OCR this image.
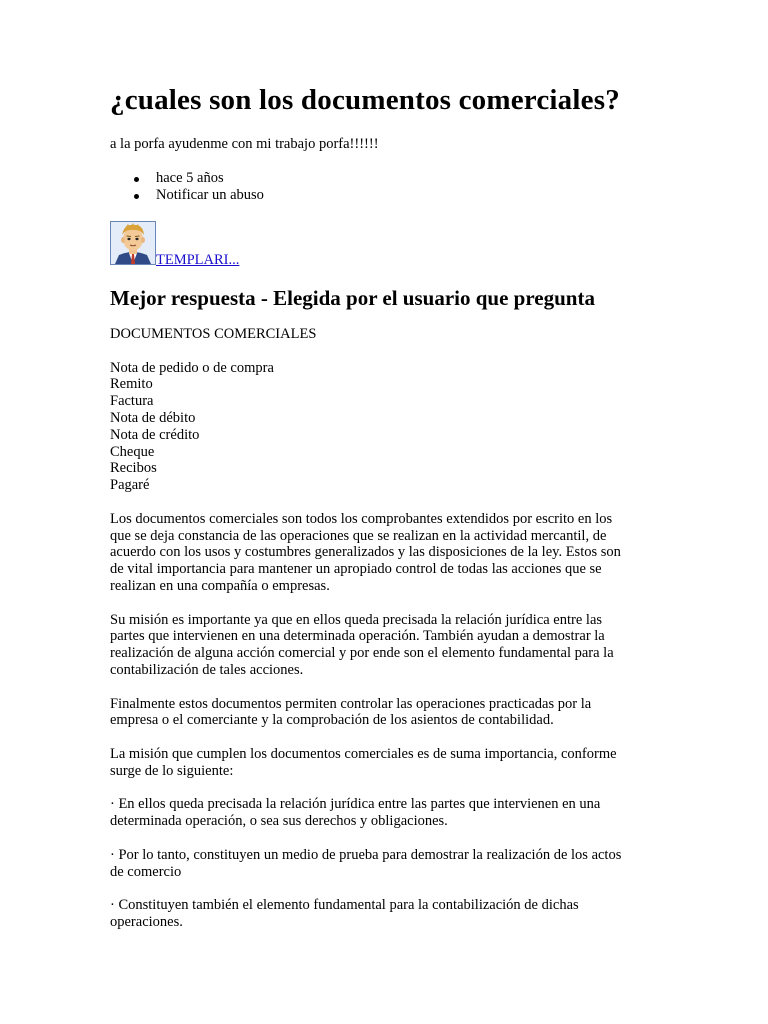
¿cuales son los documentos comerciales?

a la porfa ayudenme con mi trabajo porfa!!!!!!

hace 5 años
Notificar un abuso
TEMPLARI...
Mejor respuesta - Elegida por el usuario que pregunta

DOCUMENTOS COMERCIALES

Nota de pedido o de compra
Remito
Factura
Nota de débito
Nota de crédito
Cheque
Recibos
Pagaré

Los documentos comerciales son todos los comprobantes extendidos por escrito en los
que se deja constancia de las operaciones que se realizan en la actividad mercantil, de
acuerdo con los usos y costumbres generalizados y las disposiciones de la ley. Estos son
de vital importancia para mantener un apropiado control de todas las acciones que se
realizan en una compañía o empresas.

Su misión es importante ya que en ellos queda precisada la relación jurídica entre las
partes que intervienen en una determinada operación. También ayudan a demostrar la
realización de alguna acción comercial y por ende son el elemento fundamental para la
contabilización de tales acciones.

Finalmente estos documentos permiten controlar las operaciones practicadas por la
empresa o el comerciante y la comprobación de los asientos de contabilidad.

La misión que cumplen los documentos comerciales es de suma importancia, conforme
surge de lo siguiente:

· En ellos queda precisada la relación jurídica entre las partes que intervienen en una
determinada operación, o sea sus derechos y obligaciones.

· Por lo tanto, constituyen un medio de prueba para demostrar la realización de los actos
de comercio

· Constituyen también el elemento fundamental para la contabilización de dichas
operaciones.
